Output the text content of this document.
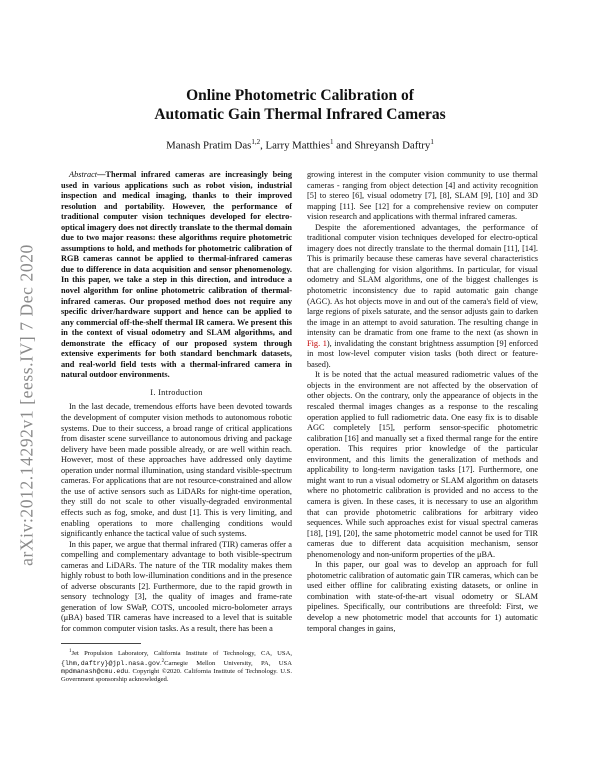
arXiv:2012.14292v1 [eess.IV] 7 Dec 2020
Online Photometric Calibration of
Automatic Gain Thermal Infrared Cameras
Manash Pratim Das$^{1,2}$, Larry Matthies$^1$ and Shreyansh Daftry$^1$

Abstract—Thermal infrared cameras are increasingly being used in various applications such as robot vision, industrial inspection and medical imaging, thanks to their improved resolution and portability. However, the performance of traditional computer vision techniques developed for electro-optical imagery does not directly translate to the thermal domain due to two major reasons: these algorithms require photometric assumptions to hold, and methods for photometric calibration of RGB cameras cannot be applied to thermal-infrared cameras due to difference in data acquisition and sensor phenomenology. In this paper, we take a step in this direction, and introduce a novel algorithm for online photometric calibration of thermal-infrared cameras. Our proposed method does not require any specific driver/hardware support and hence can be applied to any commercial off-the-shelf thermal IR camera. We present this in the context of visual odometry and SLAM algorithms, and demonstrate the efficacy of our proposed system through extensive experiments for both standard benchmark datasets, and real-world field tests with a thermal-infrared camera in natural outdoor environments.

I. Introduction

In the last decade, tremendous efforts have been devoted towards the development of computer vision methods to autonomous robotic systems. Due to their success, a broad range of critical applications from disaster scene surveillance to autonomous driving and package delivery have been made possible already, or are well within reach. However, most of these approaches have addressed only daytime operation under normal illumination, using standard visible-spectrum cameras. For applications that are not resource-constrained and allow the use of active sensors such as LiDARs for night-time operation, they still do not scale to other visually-degraded environmental effects such as fog, smoke, and dust [1]. This is very limiting, and enabling operations to more challenging conditions would significantly enhance the tactical value of such systems.

In this paper, we argue that thermal infrared (TIR) cameras offer a compelling and complementary advantage to both visible-spectrum cameras and LiDARs. The nature of the TIR modality makes them highly robust to both low-illumination conditions and in the presence of adverse obscurants [2]. Furthermore, due to the rapid growth in sensory technology [3], the quality of images and frame-rate generation of low SWaP, COTS, uncooled micro-bolometer arrays (μBA) based TIR cameras have increased to a level that is suitable for common computer vision tasks. As a result, there has been a

$^1$Jet Propulsion Laboratory, California Institute of Technology, CA, USA, {lhm,daftry}@jpl.nasa.gov.$^2$Carnegie Mellon University, PA, USA mpdmanash@cmu.edu. Copyright ©2020. California Institute of Technology. U.S. Government sponsorship acknowledged.

growing interest in the computer vision community to use thermal cameras - ranging from object detection [4] and activity recognition [5] to stereo [6], visual odometry [7], [8], SLAM [9], [10] and 3D mapping [11]. See [12] for a comprehensive review on computer vision research and applications with thermal infrared cameras.

Despite the aforementioned advantages, the performance of traditional computer vision techniques developed for electro-optical imagery does not directly translate to the thermal domain [11], [14]. This is primarily because these cameras have several characteristics that are challenging for vision algorithms. In particular, for visual odometry and SLAM algorithms, one of the biggest challenges is photometric inconsistency due to rapid automatic gain change (AGC). As hot objects move in and out of the camera's field of view, large regions of pixels saturate, and the sensor adjusts gain to darken the image in an attempt to avoid saturation. The resulting change in intensity can be dramatic from one frame to the next (as shown in Fig. 1), invalidating the constant brightness assumption [9] enforced in most low-level computer vision tasks (both direct or feature-based).

It is be noted that the actual measured radiometric values of the objects in the environment are not affected by the observation of other objects. On the contrary, only the appearance of objects in the rescaled thermal images changes as a response to the rescaling operation applied to full radiometric data. One easy fix is to disable AGC completely [15], perform sensor-specific photometric calibration [16] and manually set a fixed thermal range for the entire operation. This requires prior knowledge of the particular environment, and this limits the generalization of methods and applicability to long-term navigation tasks [17]. Furthermore, one might want to run a visual odometry or SLAM algorithm on datasets where no photometric calibration is provided and no access to the camera is given. In these cases, it is necessary to use an algorithm that can provide photometric calibrations for arbitrary video sequences. While such approaches exist for visual spectral cameras [18], [19], [20], the same photometric model cannot be used for TIR cameras due to different data acquisition mechanism, sensor phenomenology and non-uniform properties of the μBA.

In this paper, our goal was to develop an approach for full photometric calibration of automatic gain TIR cameras, which can be used either offline for calibrating existing datasets, or online in combination with state-of-the-art visual odometry or SLAM pipelines. Specifically, our contributions are threefold: First, we develop a new photometric model that accounts for 1) automatic temporal changes in gains,
